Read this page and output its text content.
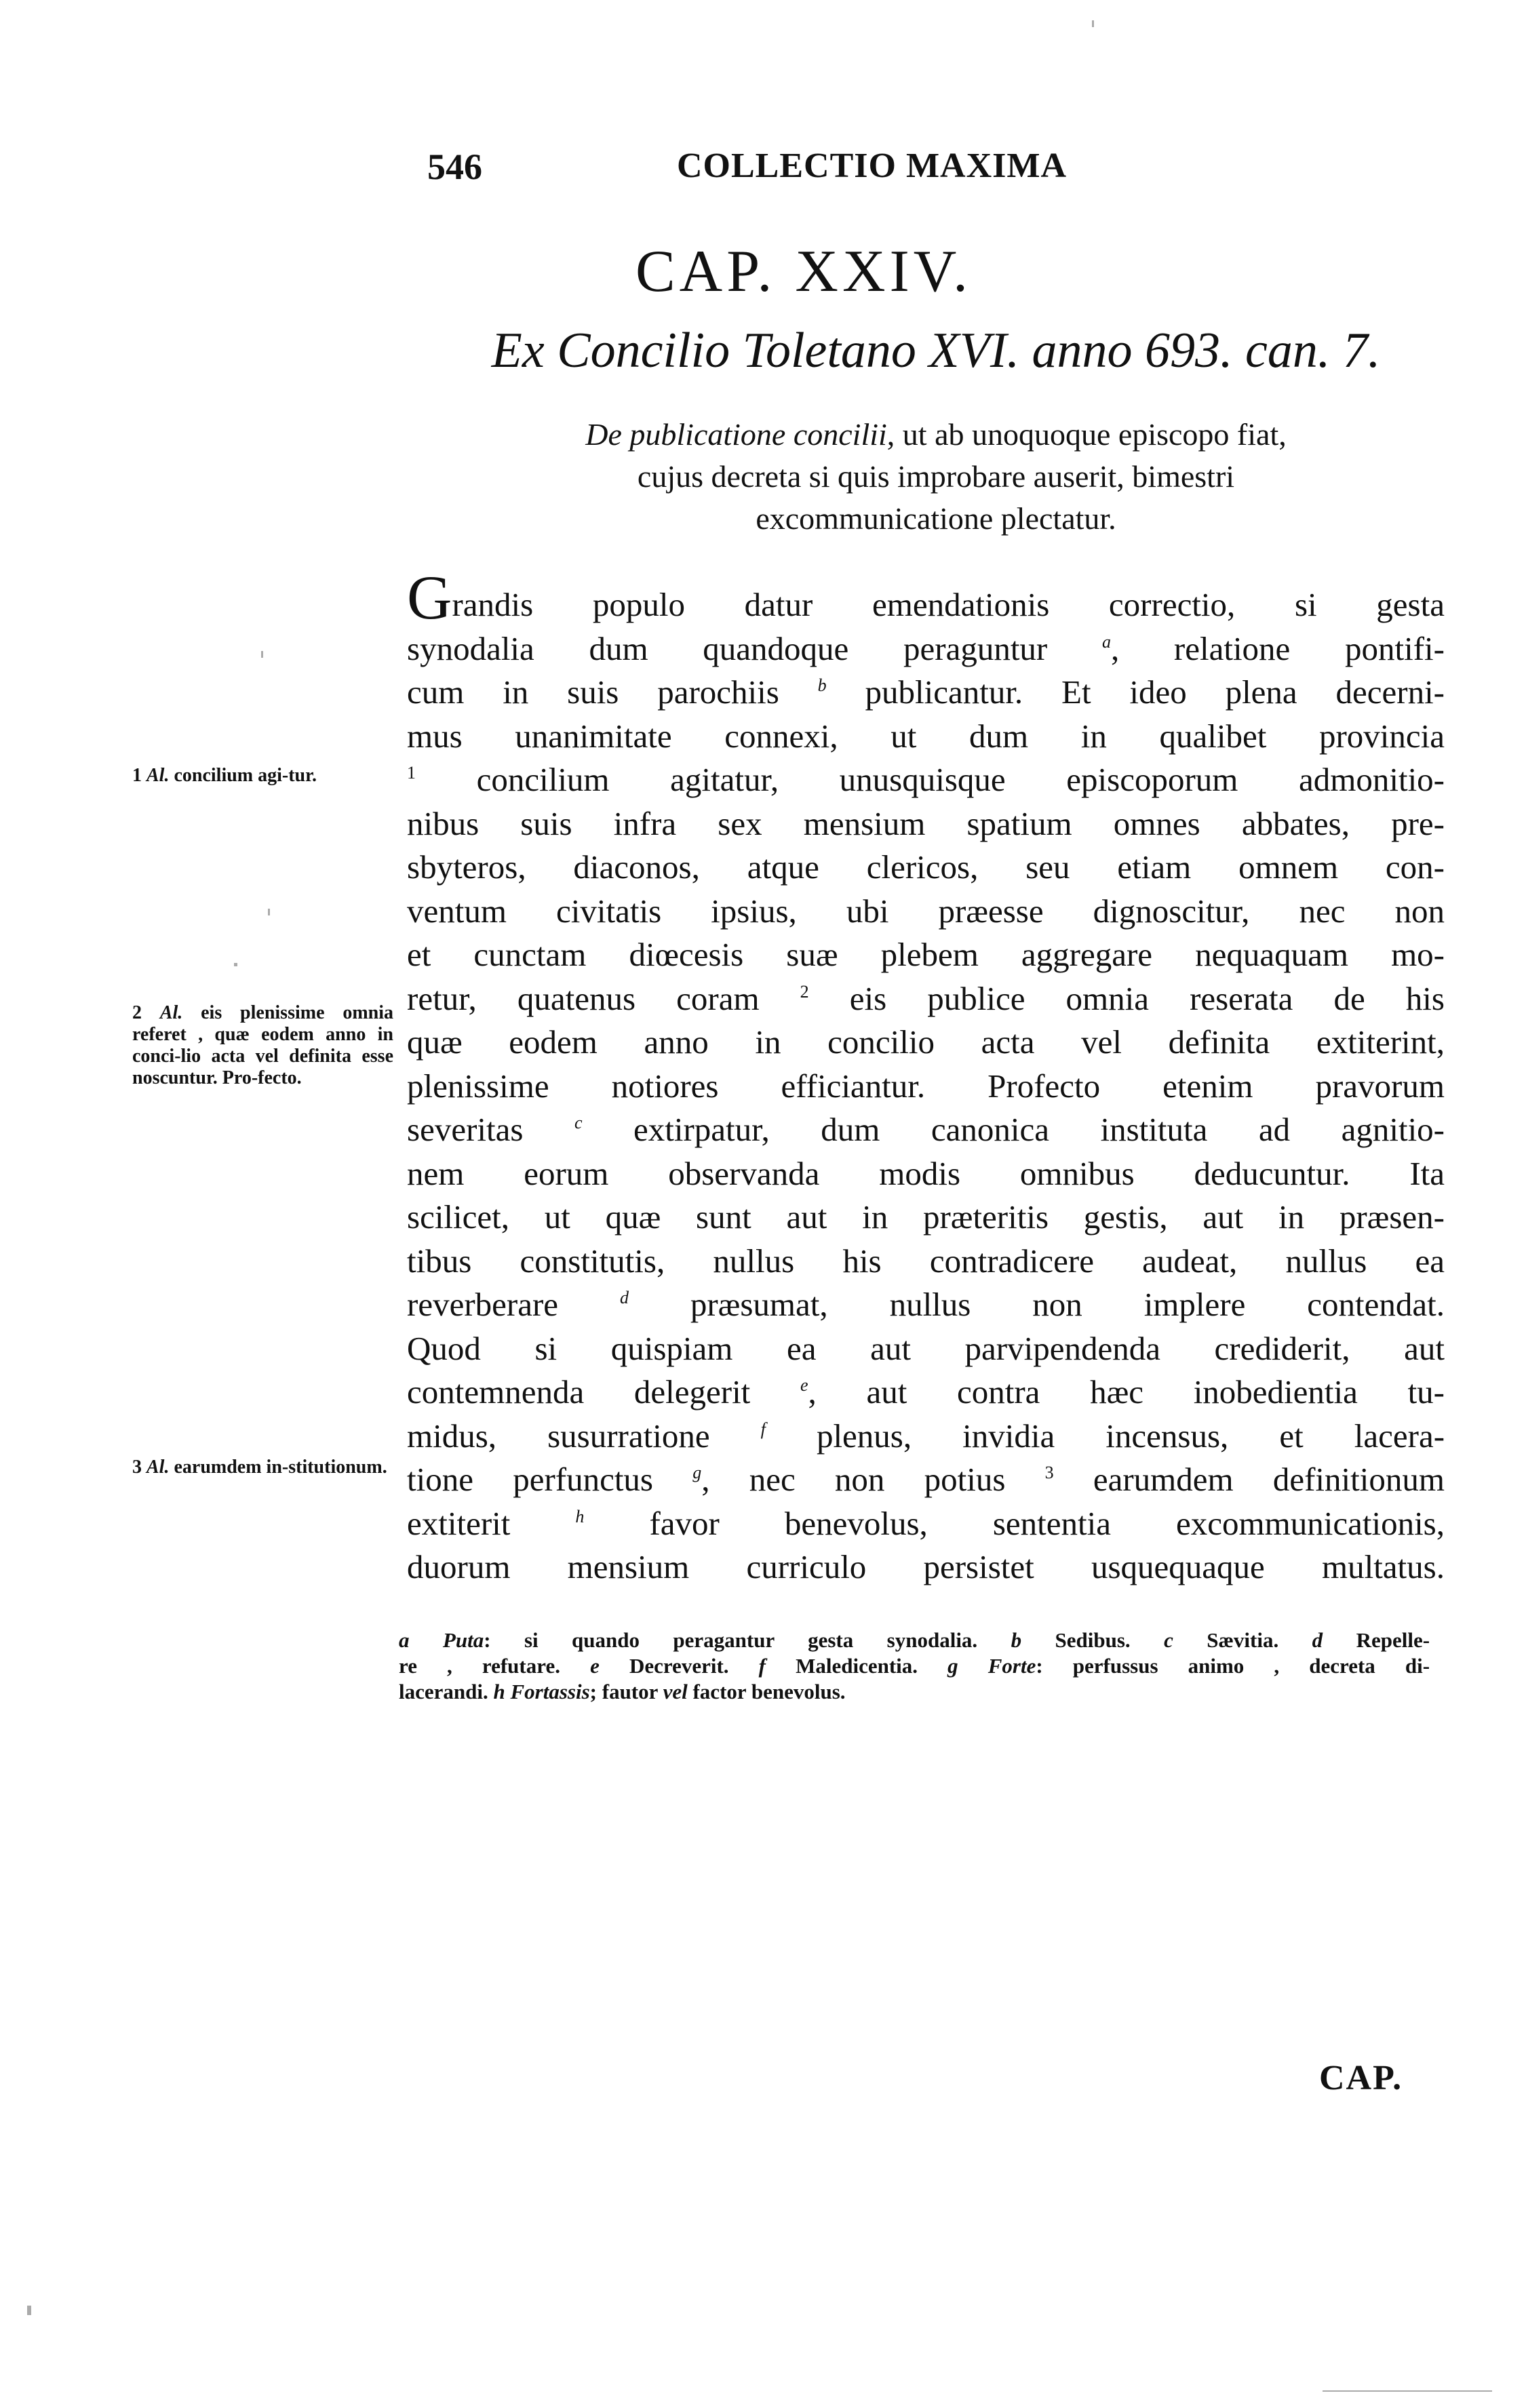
546	COLLECTIO MAXIMA
CAP. XXIV.
Ex Concilio Toletano XVI. anno 693. can. 7.
De publicatione concilii, ut ab unoquoque episcopo fiat,
cujus decreta si quis improbare auserit, bimestri
excommunicatione plectatur.
Grandis populo datur emendationis correctio, si gesta
synodalia dum quandoque peraguntur $^a$, relatione pontifi-
cum in suis parochiis $^b$ publicantur. Et ideo plena decerni-
mus unanimitate connexi, ut dum in qualibet provincia
$^1$ concilium agitatur, unusquisque episcoporum admonitio-
nibus suis infra sex mensium spatium omnes abbates, pre-
sbyteros, diaconos, atque clericos, seu etiam omnem con-
ventum civitatis ipsius, ubi præesse dignoscitur, nec non
et cunctam diœcesis suæ plebem aggregare nequaquam mo-
retur, quatenus coram $^2$ eis publice omnia reserata de his
quæ eodem anno in concilio acta vel definita extiterint,
plenissime notiores efficiantur. Profecto etenim pravorum
severitas $^c$ extirpatur, dum canonica instituta ad agnitio-
nem eorum observanda modis omnibus deducuntur. Ita
scilicet, ut quæ sunt aut in præteritis gestis, aut in præsen-
tibus constitutis, nullus his contradicere audeat, nullus ea
reverberare $^d$ præsumat, nullus non implere contendat.
Quod si quispiam ea aut parvipendenda crediderit, aut
contemnenda delegerit $^e$, aut contra hæc inobedientia tu-
midus, susurratione $^f$ plenus, invidia incensus, et lacera-
tione perfunctus $^g$, nec non potius $^3$ earumdem definitionum
extiterit $^h$ favor benevolus, sententia excommunicationis,
duorum mensium curriculo persistet usquequaque multatus.
1 Al. concilium agi-tur.
2 Al. eis plenissime omnia referet , quæ eodem anno in conci-lio acta vel definita esse noscuntur. Pro-fecto.
3 Al. earumdem in-stitutionum.
a Puta: si quando peragantur gesta synodalia. b Sedibus. c Sævitia. d Repelle-
re , refutare. e Decreverit. f Maledicentia. g Forte: perfussus animo , decreta di-
lacerandi. h Fortassis; fautor vel factor benevolus.
CAP.
